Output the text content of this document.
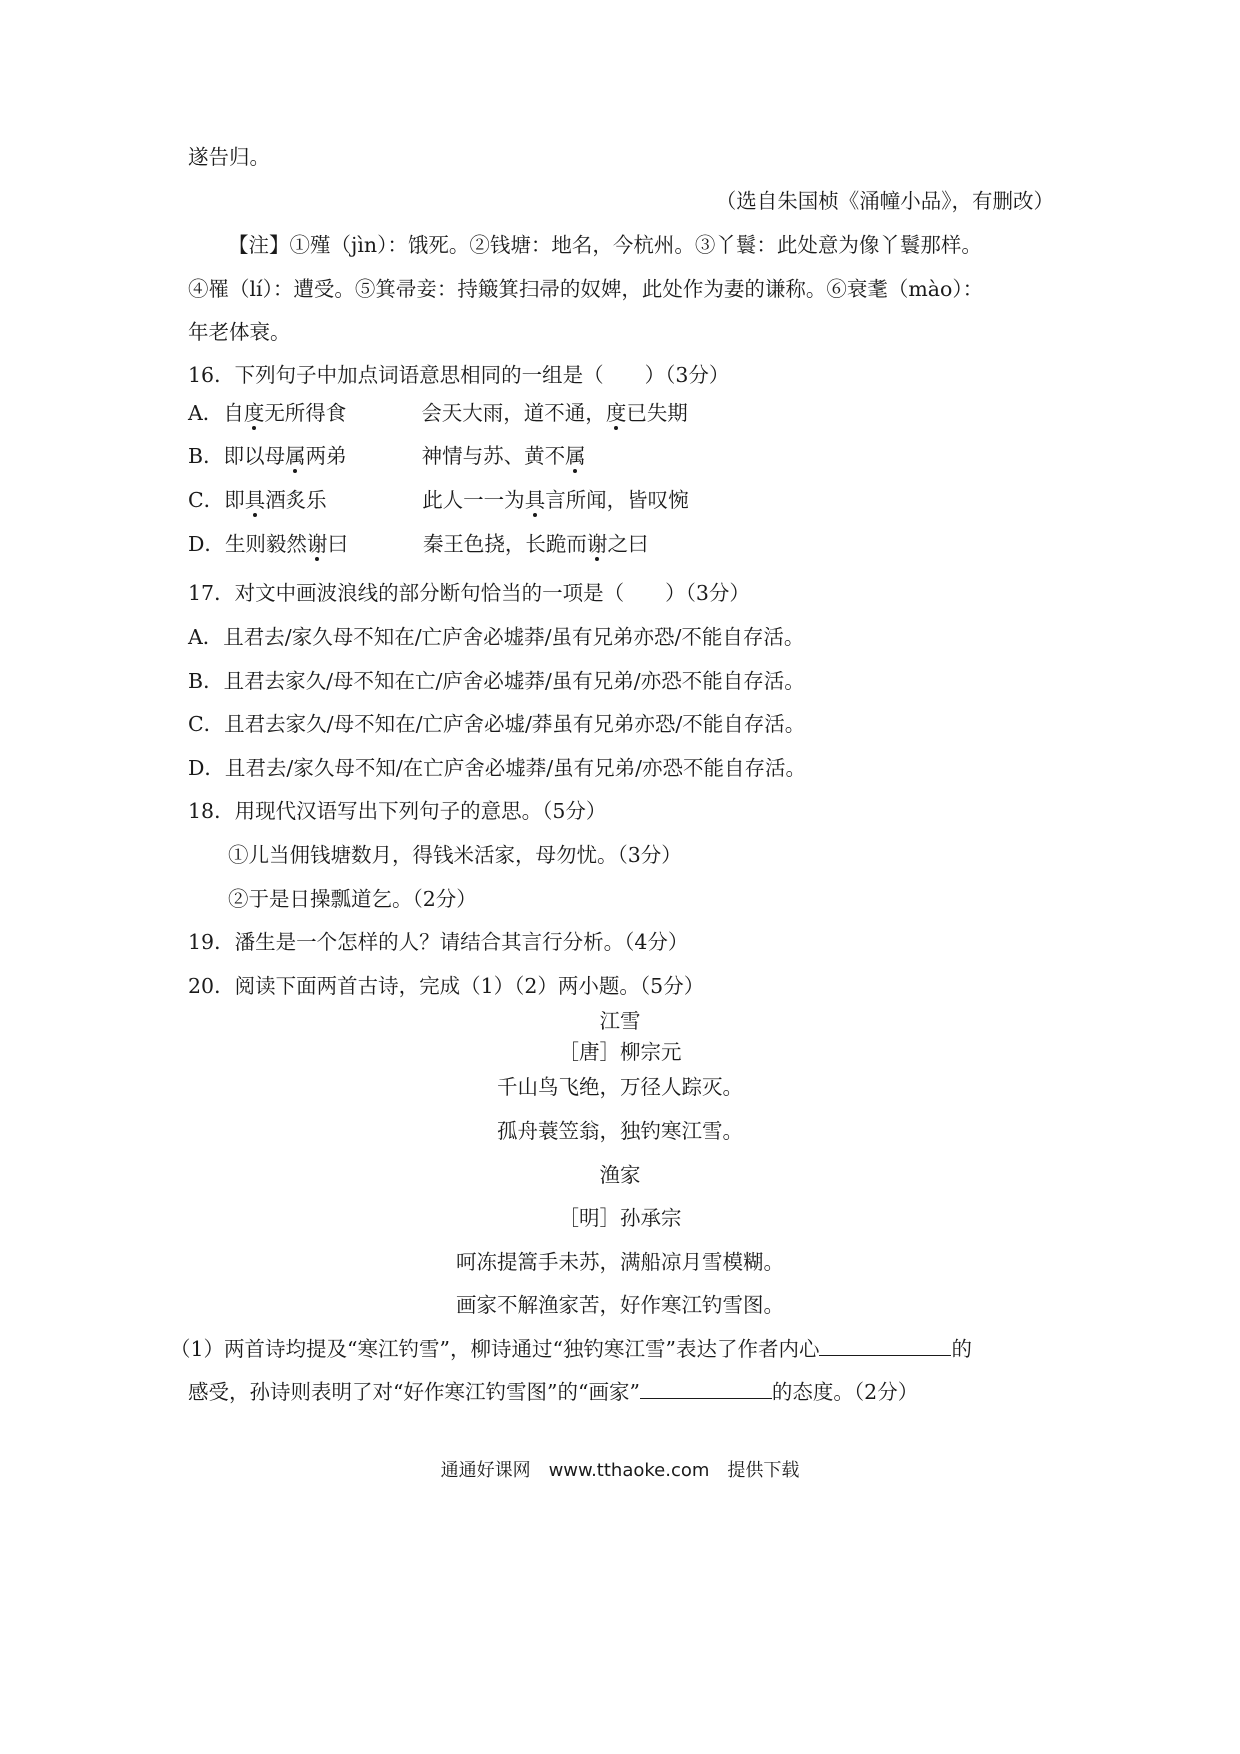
遂告归。
（选自朱国桢《涌幢小品》，有删改）
【注】①殣（jìn）：饿死。②钱塘：地名，今杭州。③丫鬟：此处意为像丫鬟那样。
④罹（lí）：遭受。⑤箕帚妾：持簸箕扫帚的奴婢，此处作为妻的谦称。⑥衰耄（mào）：
年老体衰。
16．下列句子中加点词语意思相同的一组是（　　）（3分）
A．自度无所得食	会天大雨，道不通，度已失期
B．即以母属两弟	神情与苏、黄不属
C．即具酒炙乐	此人一一为具言所闻，皆叹惋
D．生则毅然谢曰	秦王色挠，长跪而谢之曰
17．对文中画波浪线的部分断句恰当的一项是（　　）（3分）
A．且君去/家久母不知在/亡庐舍必墟莽/虽有兄弟亦恐/不能自存活。
B．且君去家久/母不知在亡/庐舍必墟莽/虽有兄弟/亦恐不能自存活。
C．且君去家久/母不知在/亡庐舍必墟/莽虽有兄弟亦恐/不能自存活。
D．且君去/家久母不知/在亡庐舍必墟莽/虽有兄弟/亦恐不能自存活。
18．用现代汉语写出下列句子的意思。（5分）
①儿当佣钱塘数月，得钱米活家，母勿忧。（3分）
②于是日操瓢道乞。（2分）
19．潘生是一个怎样的人？请结合其言行分析。（4分）
20．阅读下面两首古诗，完成（1）（2）两小题。（5分）
江雪
［唐］柳宗元
千山鸟飞绝，万径人踪灭。
孤舟蓑笠翁，独钓寒江雪。
渔家
［明］孙承宗
呵冻提篙手未苏，满船凉月雪模糊。
画家不解渔家苦，好作寒江钓雪图。
（1）两首诗均提及“寒江钓雪”，柳诗通过“独钓寒江雪”表达了作者内心	的
感受，孙诗则表明了对“好作寒江钓雪图”的“画家”	的态度。（2分）
通通好课网　www.tthaoke.com　提供下载
